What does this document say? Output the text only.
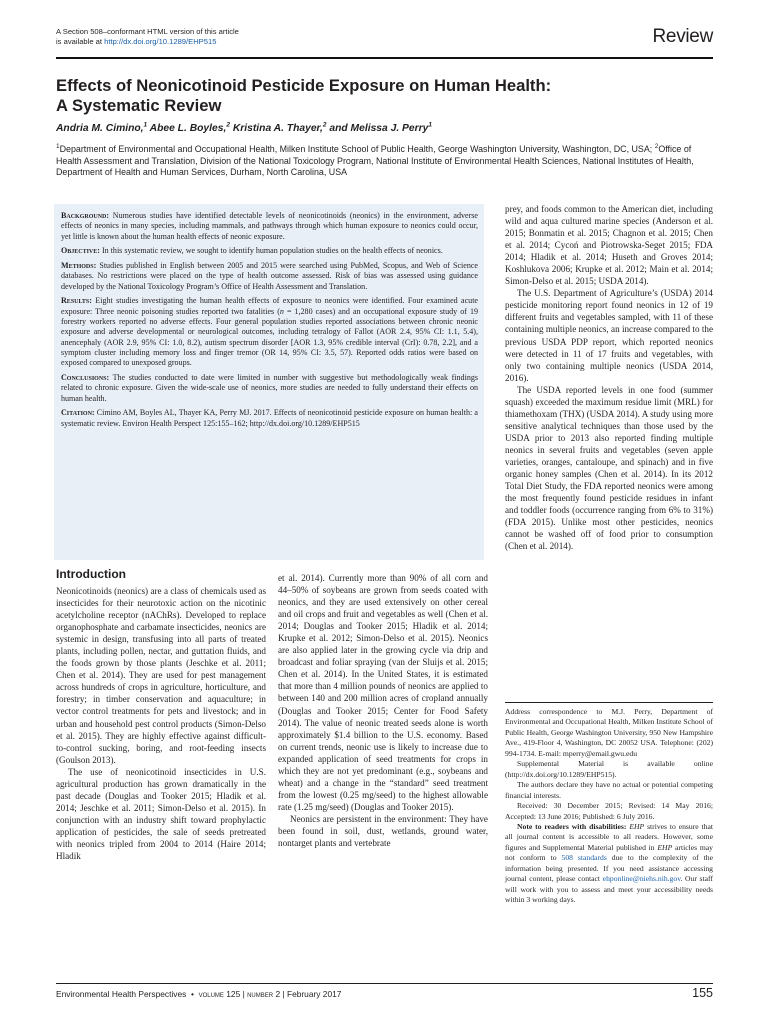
A Section 508–conformant HTML version of this article
is available at http://dx.doi.org/10.1289/EHP515	Review
Effects of Neonicotinoid Pesticide Exposure on Human Health:
A Systematic Review
Andria M. Cimino,$^1$ Abee L. Boyles,$^2$ Kristina A. Thayer,$^2$ and Melissa J. Perry$^1$
$^1$Department of Environmental and Occupational Health, Milken Institute School of Public Health, George Washington University, Washington, DC, USA; $^2$Office of Health Assessment and Translation, Division of the National Toxicology Program, National Institute of Environmental Health Sciences, National Institutes of Health, Department of Health and Human Services, Durham, North Carolina, USA

Background: Numerous studies have identified detectable levels of neonicotinoids (neonics) in the environment, adverse effects of neonics in many species, including mammals, and pathways through which human exposure to neonics could occur, yet little is known about the human health effects of neonic exposure.

Objective: In this systematic review, we sought to identify human population studies on the health effects of neonics.

Methods: Studies published in English between 2005 and 2015 were searched using PubMed, Scopus, and Web of Science databases. No restrictions were placed on the type of health outcome assessed. Risk of bias was assessed using guidance developed by the National Toxicology Program’s Office of Health Assessment and Translation.

Results: Eight studies investigating the human health effects of exposure to neonics were identified. Four examined acute exposure: Three neonic poisoning studies reported two fatalities (n = 1,280 cases) and an occupational exposure study of 19 forestry workers reported no adverse effects. Four general population studies reported associations between chronic neonic exposure and adverse developmental or neurological outcomes, including tetralogy of Fallot (AOR 2.4, 95% CI: 1.1, 5.4), anencephaly (AOR 2.9, 95% CI: 1.0, 8.2), autism spectrum disorder [AOR 1.3, 95% credible interval (CrI): 0.78, 2.2], and a symptom cluster including memory loss and finger tremor (OR 14, 95% CI: 3.5, 57). Reported odds ratios were based on exposed compared to unexposed groups.

Conclusions: The studies conducted to date were limited in number with suggestive but methodologically weak findings related to chronic exposure. Given the wide-scale use of neonics, more studies are needed to fully understand their effects on human health.

Citation: Cimino AM, Boyles AL, Thayer KA, Perry MJ. 2017. Effects of neonicotinoid pesticide exposure on human health: a systematic review. Environ Health Perspect 125:155–162; http://dx.doi.org/10.1289/EHP515

Introduction

Neonicotinoids (neonics) are a class of chemicals used as insecticides for their neurotoxic action on the nicotinic acetylcholine receptor (nAChRs). Developed to replace organophosphate and carbamate insecticides, neonics are systemic in design, transfusing into all parts of treated plants, including pollen, nectar, and guttation fluids, and the foods grown by those plants (Jeschke et al. 2011; Chen et al. 2014). They are used for pest management across hundreds of crops in agriculture, horticulture, and forestry; in timber conservation and aquaculture; in vector control treatments for pets and livestock; and in urban and household pest control products (Simon-Delso et al. 2015). They are highly effective against difficult-to-control sucking, boring, and root-feeding insects (Goulson 2013).

The use of neonicotinoid insecticides in U.S. agricultural production has grown dramatically in the past decade (Douglas and Tooker 2015; Hladik et al. 2014; Jeschke et al. 2011; Simon-Delso et al. 2015). In conjunction with an industry shift toward prophylactic application of pesticides, the sale of seeds pretreated with neonics tripled from 2004 to 2014 (Haire 2014; Hladik

et al. 2014). Currently more than 90% of all corn and 44–50% of soybeans are grown from seeds coated with neonics, and they are used extensively on other cereal and oil crops and fruit and vegetables as well (Chen et al. 2014; Douglas and Tooker 2015; Hladik et al. 2014; Krupke et al. 2012; Simon-Delso et al. 2015). Neonics are also applied later in the growing cycle via drip and broadcast and foliar spraying (van der Sluijs et al. 2015; Chen et al. 2014). In the United States, it is estimated that more than 4 million pounds of neonics are applied to between 140 and 200 million acres of cropland annually (Douglas and Tooker 2015; Center for Food Safety 2014). The value of neonic treated seeds alone is worth approximately $1.4 billion to the U.S. economy. Based on current trends, neonic use is likely to increase due to expanded application of seed treatments for crops in which they are not yet predominant (e.g., soybeans and wheat) and a change in the “standard” seed treatment from the lowest (0.25 mg/seed) to the highest allowable rate (1.25 mg/seed) (Douglas and Tooker 2015).

Neonics are persistent in the environment: They have been found in soil, dust, wetlands, ground water, nontarget plants and vertebrate

prey, and foods common to the American diet, including wild and aqua cultured marine species (Anderson et al. 2015; Bonmatin et al. 2015; Chagnon et al. 2015; Chen et al. 2014; Cycoń and Piotrowska-Seget 2015; FDA 2014; Hladik et al. 2014; Huseth and Groves 2014; Koshlukova 2006; Krupke et al. 2012; Main et al. 2014; Simon-Delso et al. 2015; USDA 2014).

The U.S. Department of Agriculture’s (USDA) 2014 pesticide monitoring report found neonics in 12 of 19 different fruits and vegetables sampled, with 11 of these containing multiple neonics, an increase compared to the previous USDA PDP report, which reported neonics were detected in 11 of 17 fruits and vegetables, with only two containing multiple neonics (USDA 2014, 2016).

The USDA reported levels in one food (summer squash) exceeded the maximum residue limit (MRL) for thiamethoxam (THX) (USDA 2014). A study using more sensitive analytical techniques than those used by the USDA prior to 2013 also reported finding multiple neonics in several fruits and vegetables (seven apple varieties, oranges, cantaloupe, and spinach) and in five organic honey samples (Chen et al. 2014). In its 2012 Total Diet Study, the FDA reported neonics were among the most frequently found pesticide residues in infant and toddler foods (occurrence ranging from 6% to 31%) (FDA 2015). Unlike most other pesticides, neonics cannot be washed off of food prior to consumption (Chen et al. 2014).

Address correspondence to M.J. Perry, Department of Environmental and Occupational Health, Milken Institute School of Public Health, George Washington University, 950 New Hampshire Ave., 419-Floor 4, Washington, DC 20052 USA. Telephone: (202) 994-1734. E-mail: mperry@email.gwu.edu

Supplemental Material is available online (http://dx.doi.org/10.1289/EHP515).

The authors declare they have no actual or potential competing financial interests.

Received: 30 December 2015; Revised: 14 May 2016; Accepted: 13 June 2016; Published: 6 July 2016.

Note to readers with disabilities: EHP strives to ensure that all journal content is accessible to all readers. However, some figures and Supplemental Material published in EHP articles may not conform to 508 standards due to the complexity of the information being presented. If you need assistance accessing journal content, please contact ehponline@niehs.nih.gov. Our staff will work with you to assess and meet your accessibility needs within 3 working days.

Environmental Health Perspectives • volume 125 | number 2 | February 2017	155
